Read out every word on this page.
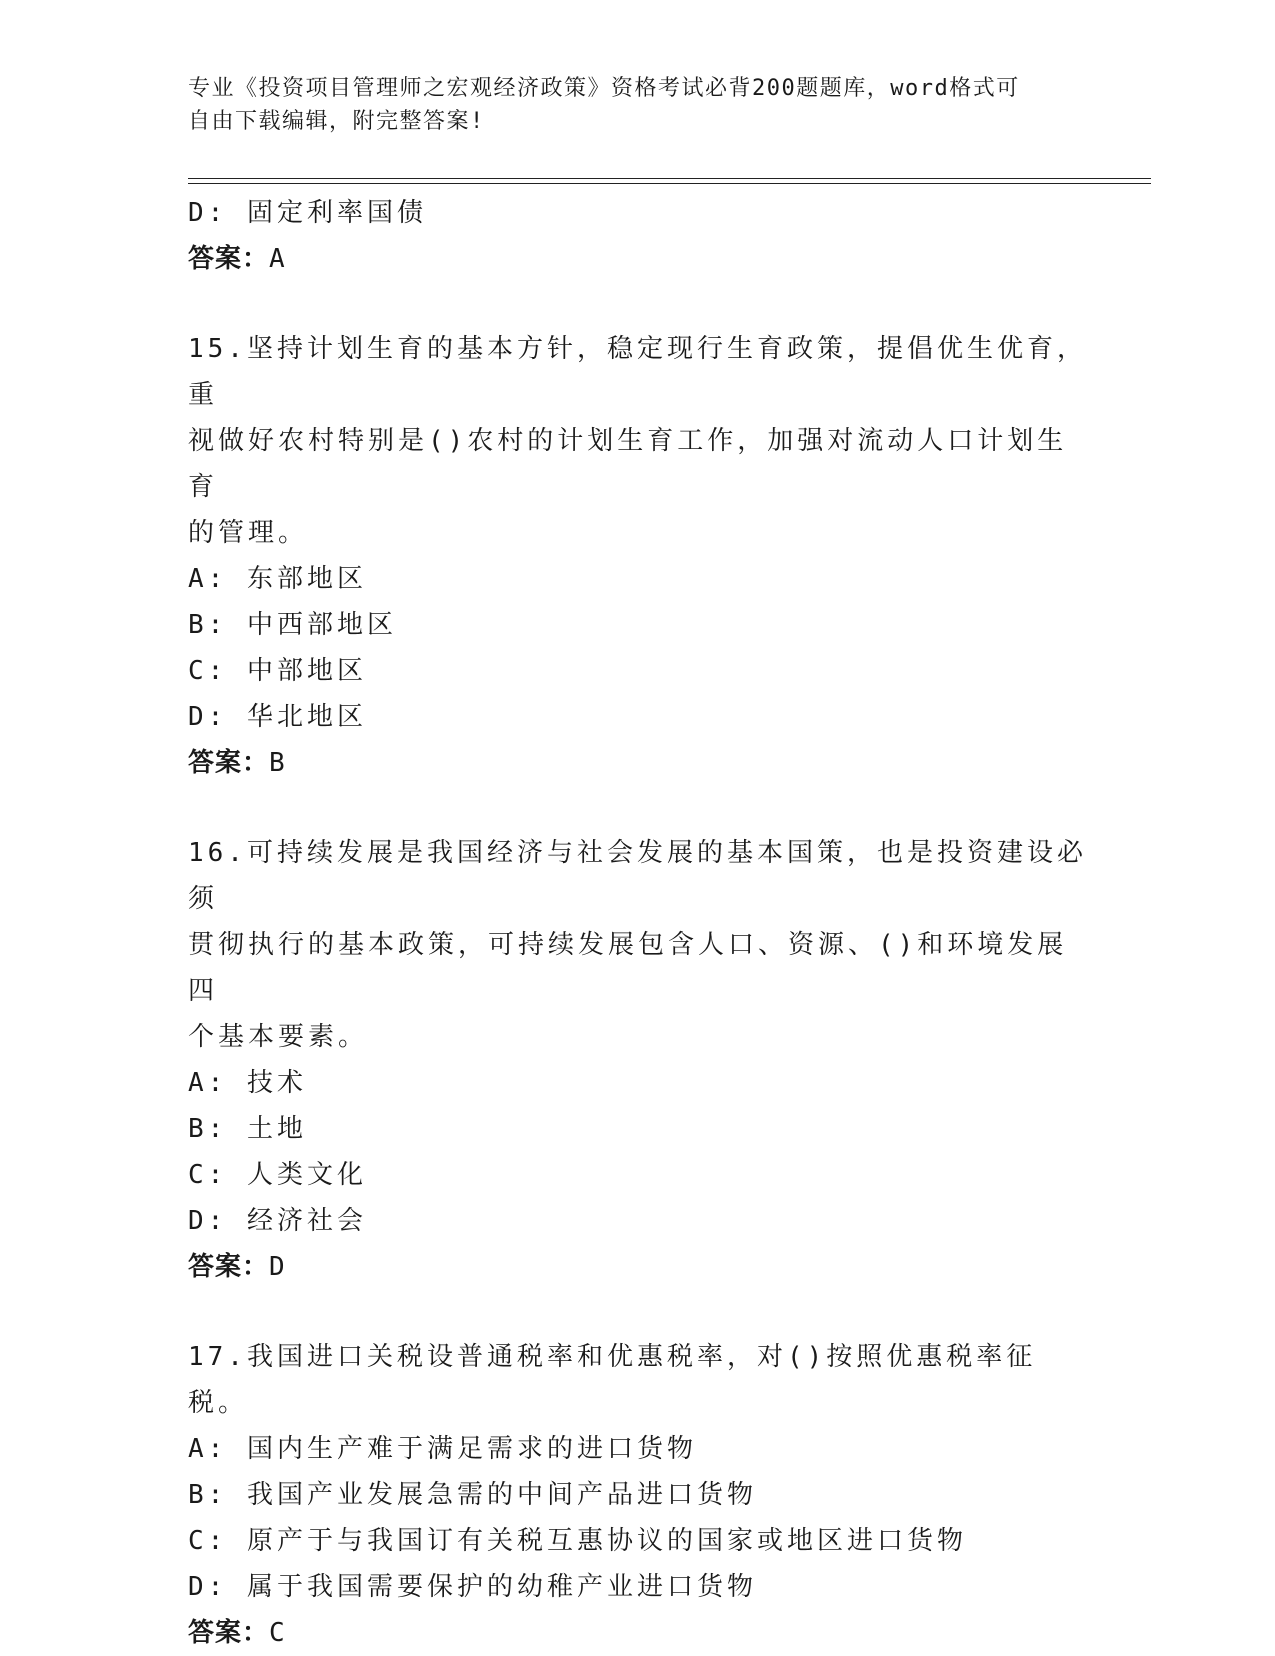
专业《投资项目管理师之宏观经济政策》资格考试必背200题题库，word格式可
自由下载编辑，附完整答案!
D: 固定利率国债
答案：A
15.坚持计划生育的基本方针，稳定现行生育政策，提倡优生优育，重
视做好农村特别是()农村的计划生育工作，加强对流动人口计划生育
的管理。
A: 东部地区
B: 中西部地区
C: 中部地区
D: 华北地区
答案：B
16.可持续发展是我国经济与社会发展的基本国策，也是投资建设必须
贯彻执行的基本政策，可持续发展包含人口、资源、()和环境发展四
个基本要素。
A: 技术
B: 土地
C: 人类文化
D: 经济社会
答案：D
17.我国进口关税设普通税率和优惠税率，对()按照优惠税率征税。
A: 国内生产难于满足需求的进口货物
B: 我国产业发展急需的中间产品进口货物
C: 原产于与我国订有关税互惠协议的国家或地区进口货物
D: 属于我国需要保护的幼稚产业进口货物
答案：C
